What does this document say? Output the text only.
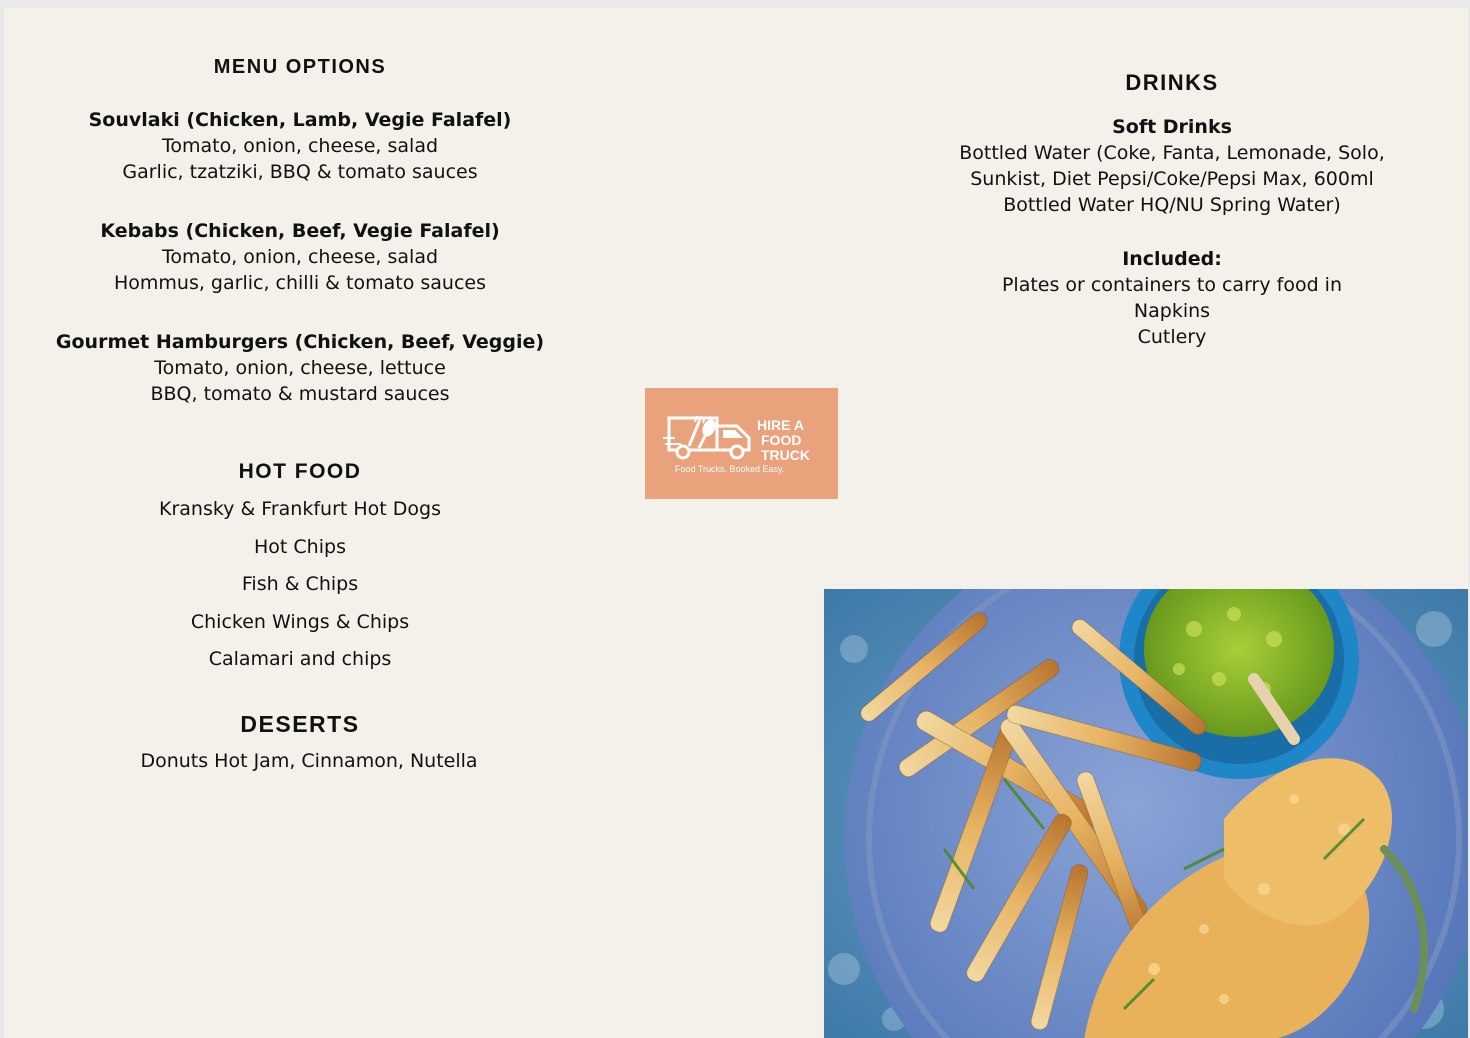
MENU OPTIONS
Souvlaki (Chicken, Lamb, Vegie Falafel)
Tomato, onion, cheese, salad
Garlic, tzatziki, BBQ & tomato sauces
Kebabs (Chicken, Beef, Vegie Falafel)
Tomato, onion, cheese, salad
Hommus, garlic, chilli & tomato sauces
Gourmet Hamburgers (Chicken, Beef, Veggie)
Tomato, onion, cheese, lettuce
BBQ, tomato & mustard sauces
HOT FOOD
Kransky & Frankfurt Hot Dogs
Hot Chips
Fish & Chips
Chicken Wings & Chips
Calamari and chips
DESERTS
Donuts Hot Jam, Cinnamon, Nutella
DRINKS
Soft Drinks
Bottled Water (Coke, Fanta, Lemonade, Solo,
Sunkist, Diet Pepsi/Coke/Pepsi Max, 600ml
Bottled Water HQ/NU Spring Water)
Included:
Plates or containers to carry food in
Napkins
Cutlery
HIRE A
FOOD
TRUCK
Food Trucks. Booked Easy.
